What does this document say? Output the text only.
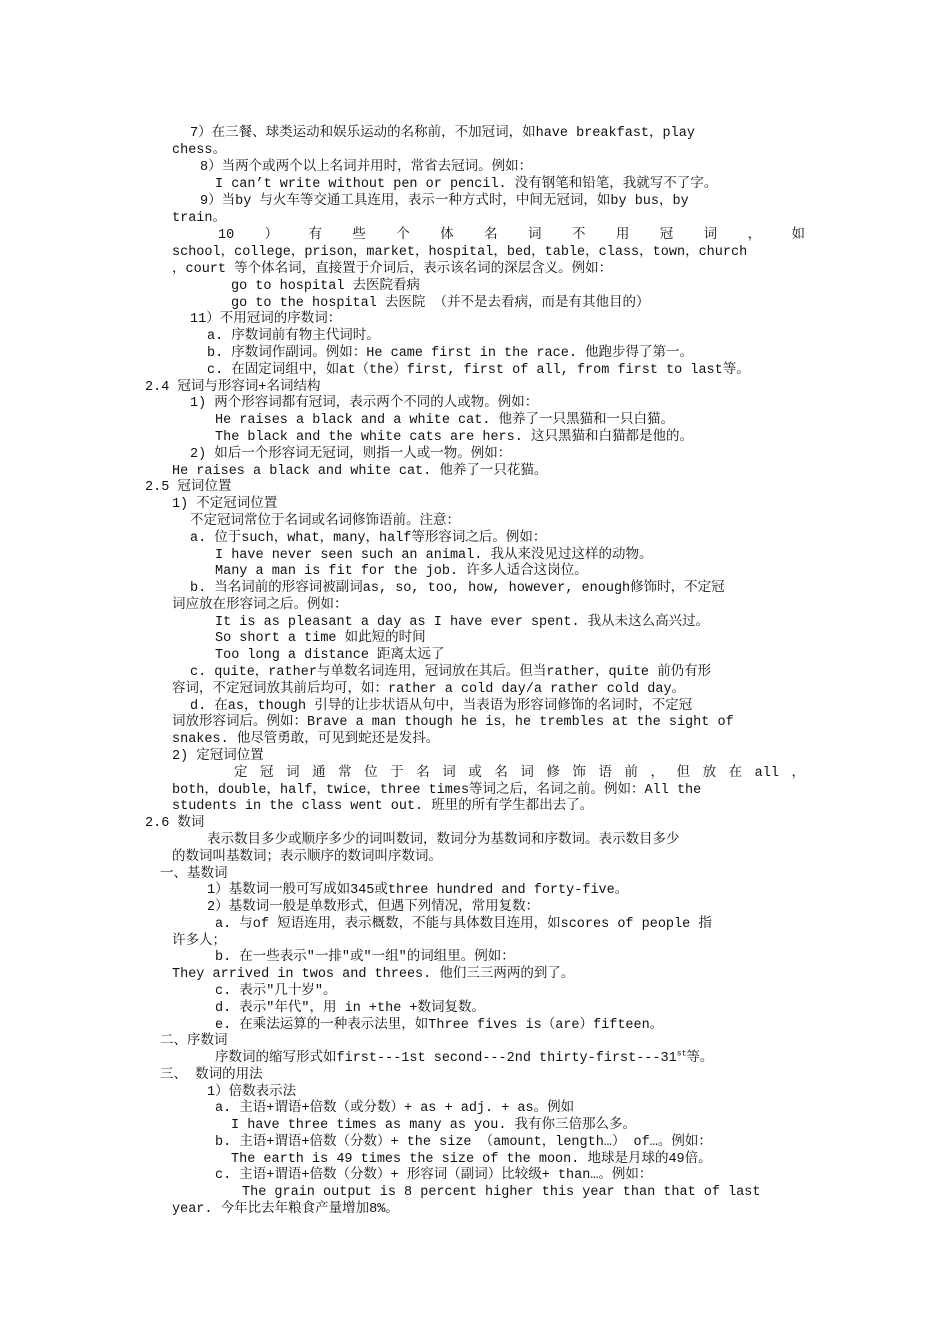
7）在三餐、球类运动和娱乐运动的名称前，不加冠词，如have breakfast，play
chess。
8）当两个或两个以上名词并用时，常省去冠词。例如：
I can’t write without pen or pencil. 没有钢笔和铅笔，我就写不了字。
9）当by 与火车等交通工具连用，表示一种方式时，中间无冠词，如by bus，by
train。
10 ） 有 些 个 体 名 词 不 用 冠 词 ， 如
school，college，prison，market，hospital，bed，table，class，town，church
，court 等个体名词，直接置于介词后，表示该名词的深层含义。例如：
go to hospital 去医院看病
go to the hospital 去医院 （并不是去看病，而是有其他目的）
11）不用冠词的序数词：
a. 序数词前有物主代词时。
b. 序数词作副词。例如：He came first in the race. 他跑步得了第一。
c. 在固定词组中，如at（the）first, first of all, from first to last等。
2.4 冠词与形容词+名词结构
1) 两个形容词都有冠词，表示两个不同的人或物。例如：
He raises a black and a white cat. 他养了一只黑猫和一只白猫。
The black and the white cats are hers. 这只黑猫和白猫都是他的。
2) 如后一个形容词无冠词，则指一人或一物。例如：
He raises a black and white cat. 他养了一只花猫。
2.5 冠词位置
1) 不定冠词位置
不定冠词常位于名词或名词修饰语前。注意：
a. 位于such，what，many，half等形容词之后。例如：
I have never seen such an animal. 我从来没见过这样的动物。
Many a man is fit for the job. 许多人适合这岗位。
b. 当名词前的形容词被副词as, so, too, how, however, enough修饰时，不定冠
词应放在形容词之后。例如：
It is as pleasant a day as I have ever spent. 我从未这么高兴过。
So short a time 如此短的时间
Too long a distance 距离太远了
c. quite，rather与单数名词连用，冠词放在其后。但当rather，quite 前仍有形
容词，不定冠词放其前后均可，如：rather a cold day/a rather cold day。
d. 在as，though 引导的让步状语从句中，当表语为形容词修饰的名词时，不定冠
词放形容词后。例如：Brave a man though he is，he trembles at the sight of
snakes. 他尽管勇敢，可见到蛇还是发抖。
2) 定冠词位置
定 冠 词 通 常 位 于 名 词 或 名 词 修 饰 语 前 ， 但 放 在 all ，
both，double，half，twice，three times等词之后，名词之前。例如：All the
students in the class went out. 班里的所有学生都出去了。
2.6 数词
表示数目多少或顺序多少的词叫数词，数词分为基数词和序数词。表示数目多少
的数词叫基数词；表示顺序的数词叫序数词。
一、基数词
1）基数词一般可写成如345或three hundred and forty-five。
2）基数词一般是单数形式，但遇下列情况，常用复数：
a. 与of 短语连用，表示概数，不能与具体数目连用，如scores of people 指
许多人；
b. 在一些表示"一排"或"一组"的词组里。例如：
They arrived in twos and threes. 他们三三两两的到了。
c. 表示"几十岁"。
d. 表示"年代"，用 in +the +数词复数。
e. 在乘法运算的一种表示法里，如Three fives is（are）fifteen。
二、序数词
序数词的缩写形式如first---1st second---2nd thirty-first---31st等。
三、 数词的用法
1）倍数表示法
a. 主语+谓语+倍数（或分数）+ as + adj. + as。例如
I have three times as many as you. 我有你三倍那么多。
b. 主语+谓语+倍数（分数）+ the size （amount，length…） of…。例如：
The earth is 49 times the size of the moon. 地球是月球的49倍。
c. 主语+谓语+倍数（分数）+ 形容词（副词）比较级+ than…。例如：
The grain output is 8 percent higher this year than that of last
year. 今年比去年粮食产量增加8%。
